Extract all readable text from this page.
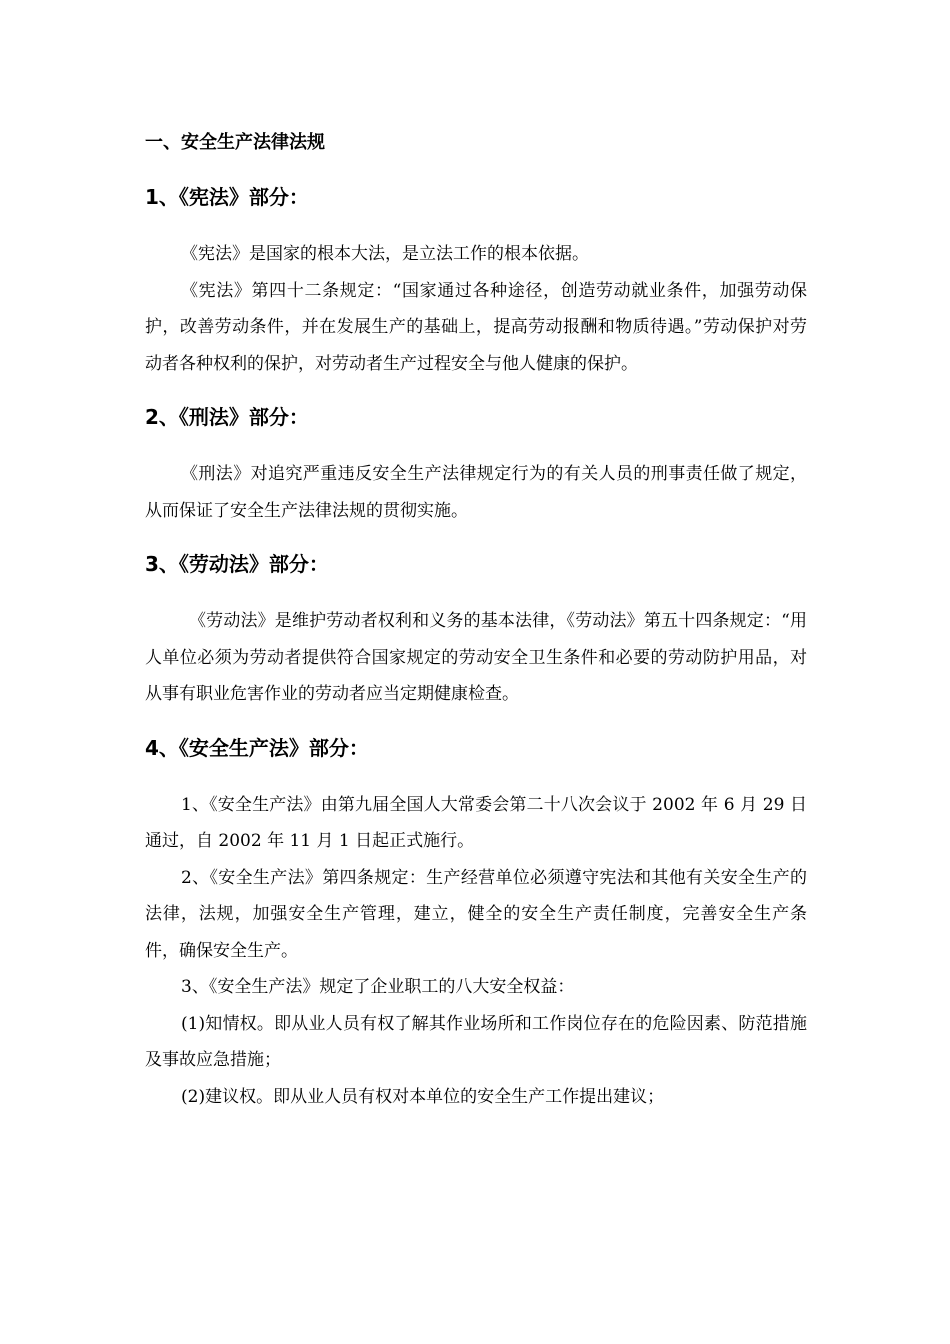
一、安全生产法律法规
1、《宪法》部分：

《宪法》是国家的根本大法，是立法工作的根本依据。

《宪法》第四十二条规定：“国家通过各种途径，创造劳动就业条件，加强劳动保护，改善劳动条件，并在发展生产的基础上，提高劳动报酬和物质待遇。”劳动保护对劳动者各种权利的保护，对劳动者生产过程安全与他人健康的保护。

2、《刑法》部分：

《刑法》对追究严重违反安全生产法律规定行为的有关人员的刑事责任做了规定，从而保证了安全生产法律法规的贯彻实施。

3、《劳动法》部分：

《劳动法》是维护劳动者权利和义务的基本法律，《劳动法》第五十四条规定：“用人单位必须为劳动者提供符合国家规定的劳动安全卫生条件和必要的劳动防护用品，对从事有职业危害作业的劳动者应当定期健康检查。

4、《安全生产法》部分：

1、《安全生产法》由第九届全国人大常委会第二十八次会议于 2002 年 6 月 29 日通过，自 2002 年 11 月 1 日起正式施行。

2、《安全生产法》第四条规定：生产经营单位必须遵守宪法和其他有关安全生产的法律，法规，加强安全生产管理，建立，健全的安全生产责任制度，完善安全生产条件，确保安全生产。

3、《安全生产法》规定了企业职工的八大安全权益：

(1)知情权。即从业人员有权了解其作业场所和工作岗位存在的危险因素、防范措施及事故应急措施；

(2)建议权。即从业人员有权对本单位的安全生产工作提出建议；
